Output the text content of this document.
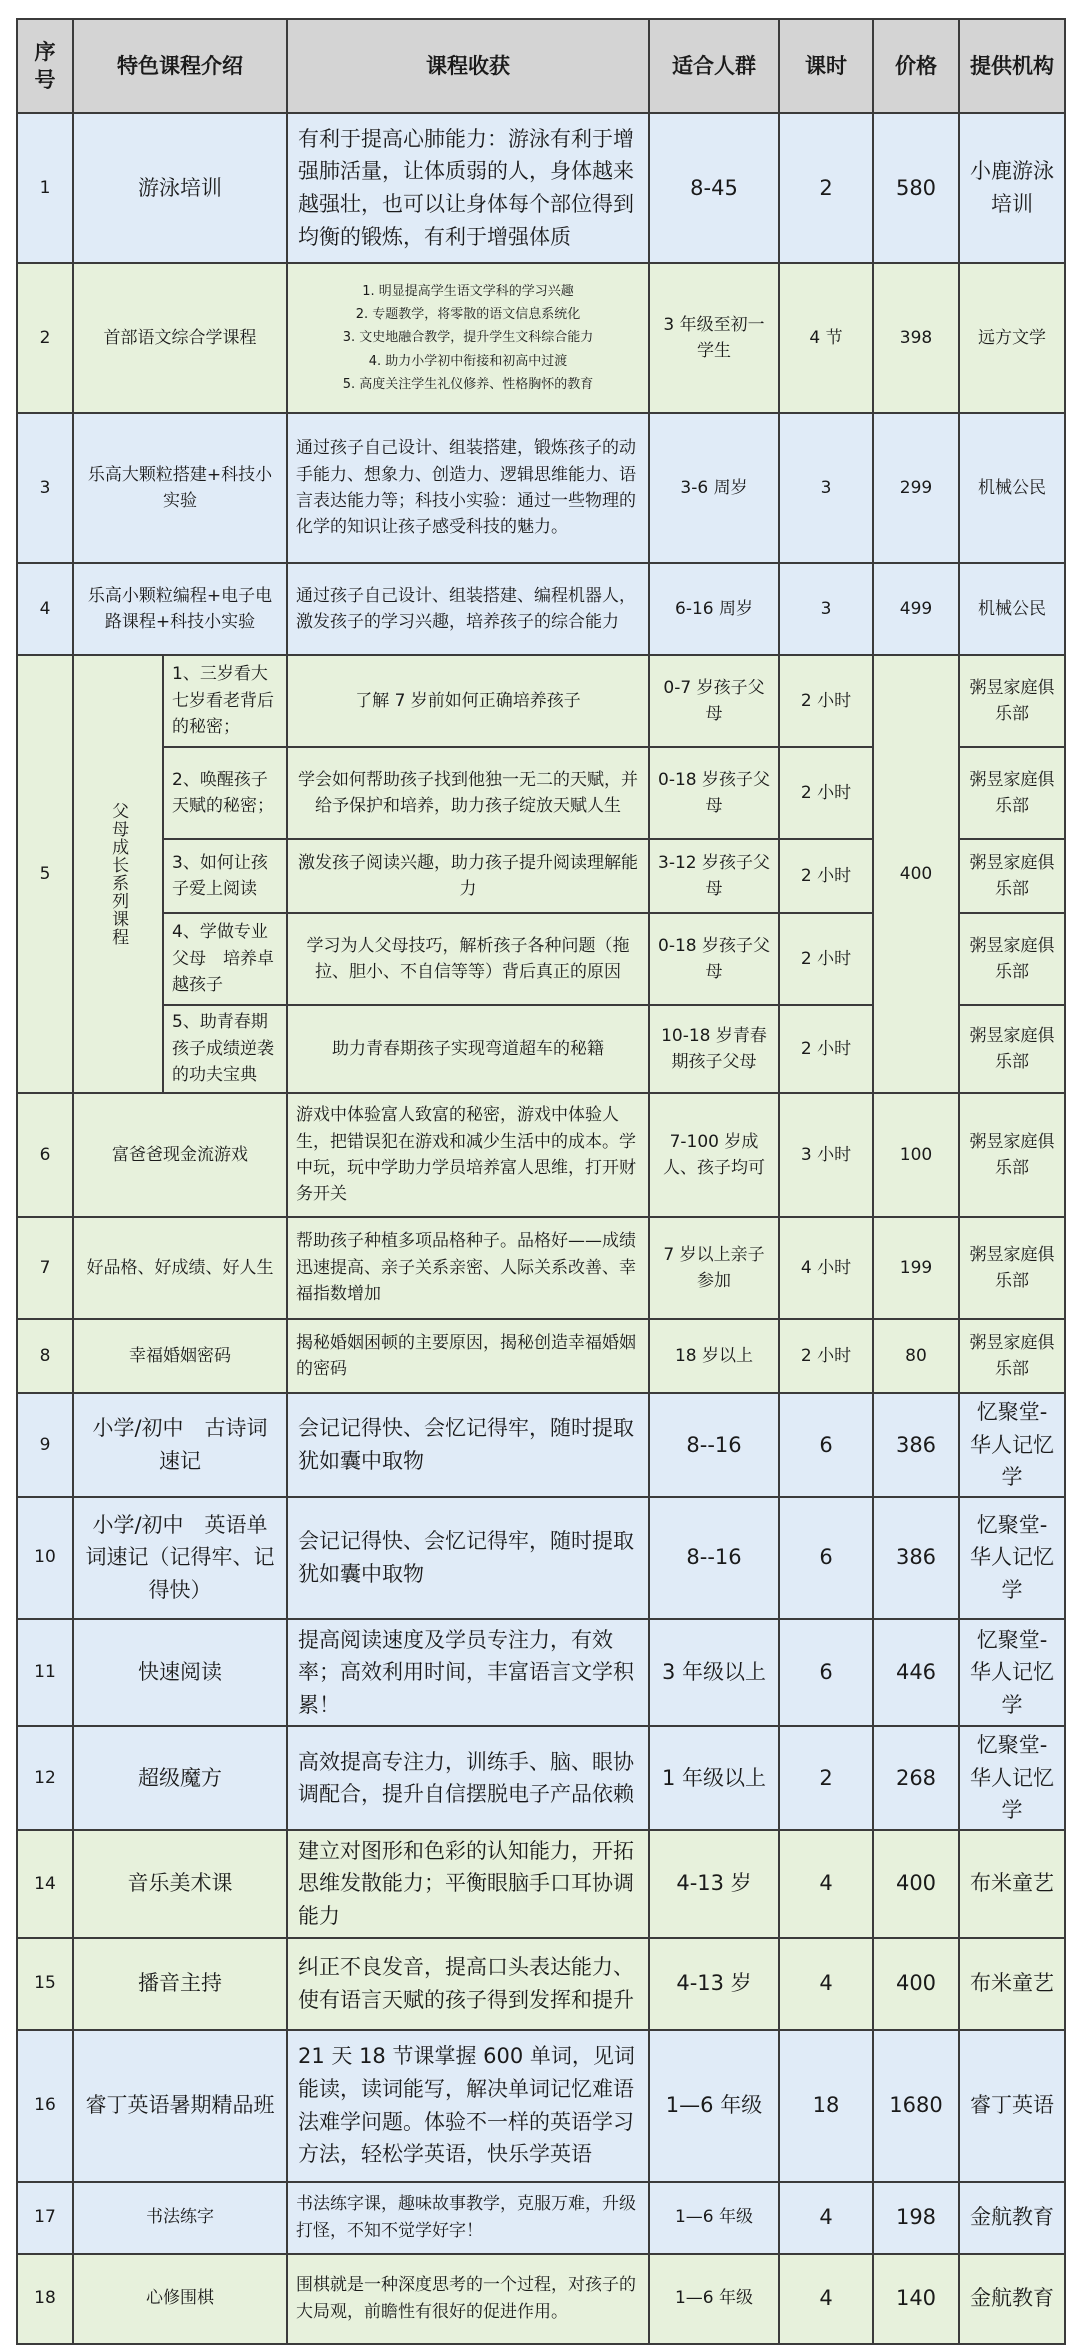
序号	特色课程介绍		课程收获	适合人群	课时	价格	提供机构
1	游泳培训		有利于提高心肺能力：游泳有利于增强肺活量，让体质弱的人，身体越来越强壮，也可以让身体每个部位得到均衡的锻炼，有利于增强体质	8-45	2	580	小鹿游泳培训
2	首部语文综合学课程		1. 明显提高学生语文学科的学习兴趣
2. 专题教学，将零散的语文信息系统化
3. 文史地融合教学，提升学生文科综合能力
4. 助力小学初中衔接和初高中过渡
5. 高度关注学生礼仪修养、性格胸怀的教育	3 年级至初一学生	4 节	398	远方文学
3	乐高大颗粒搭建+科技小实验		通过孩子自己设计、组装搭建，锻炼孩子的动手能力、想象力、创造力、逻辑思维能力、语言表达能力等；科技小实验：通过一些物理的化学的知识让孩子感受科技的魅力。	3-6 周岁	3	299	机械公民
4	乐高小颗粒编程+电子电路课程+科技小实验		通过孩子自己设计、组装搭建、编程机器人，激发孩子的学习兴趣，培养孩子的综合能力	6-16 周岁	3	499	机械公民
5	父母成长系列课程	1、三岁看大七岁看老背后的秘密；	了解 7 岁前如何正确培养孩子	0-7 岁孩子父母	2 小时	400	粥昱家庭俱乐部
		2、唤醒孩子天赋的秘密；	学会如何帮助孩子找到他独一无二的天赋，并给予保护和培养，助力孩子绽放天赋人生	0-18 岁孩子父母	2 小时		粥昱家庭俱乐部
		3、如何让孩子爱上阅读	激发孩子阅读兴趣，助力孩子提升阅读理解能力	3-12 岁孩子父母	2 小时		粥昱家庭俱乐部
		4、学做专业父母　培养卓越孩子	学习为人父母技巧，解析孩子各种问题（拖拉、胆小、不自信等等）背后真正的原因	0-18 岁孩子父母	2 小时		粥昱家庭俱乐部
		5、助青春期孩子成绩逆袭的功夫宝典	助力青春期孩子实现弯道超车的秘籍	10-18 岁青春期孩子父母	2 小时		粥昱家庭俱乐部
6	富爸爸现金流游戏		游戏中体验富人致富的秘密，游戏中体验人生，把错误犯在游戏和减少生活中的成本。学中玩，玩中学助力学员培养富人思维，打开财务开关	7-100 岁成人、孩子均可	3 小时	100	粥昱家庭俱乐部
7	好品格、好成绩、好人生		帮助孩子种植多项品格种子。品格好——成绩迅速提高、亲子关系亲密、人际关系改善、幸福指数增加	7 岁以上亲子参加	4 小时	199	粥昱家庭俱乐部
8	幸福婚姻密码		揭秘婚姻困顿的主要原因，揭秘创造幸福婚姻的密码	18 岁以上	2 小时	80	粥昱家庭俱乐部
9	小学/初中　古诗词速记		会记记得快、会忆记得牢，随时提取犹如囊中取物	8--16	6	386	忆聚堂-华人记忆学
10	小学/初中　英语单词速记（记得牢、记得快）		会记记得快、会忆记得牢，随时提取犹如囊中取物	8--16	6	386	忆聚堂-华人记忆学
11	快速阅读		提高阅读速度及学员专注力，有效率；高效利用时间，丰富语言文学积累！	3 年级以上	6	446	忆聚堂-华人记忆学
12	超级魔方		高效提高专注力，训练手、脑、眼协调配合，提升自信摆脱电子产品依赖	1 年级以上	2	268	忆聚堂-华人记忆学
14	音乐美术课		建立对图形和色彩的认知能力，开拓思维发散能力；平衡眼脑手口耳协调能力	4-13 岁	4	400	布米童艺
15	播音主持		纠正不良发音，提高口头表达能力、使有语言天赋的孩子得到发挥和提升	4-13 岁	4	400	布米童艺
16	睿丁英语暑期精品班		21 天 18 节课掌握 600 单词，见词能读，读词能写，解决单词记忆难语法难学问题。体验不一样的英语学习方法，轻松学英语，快乐学英语	1—6 年级	18	1680	睿丁英语
17	书法练字		书法练字课，趣味故事教学，克服万难，升级打怪，不知不觉学好字！	1—6 年级	4	198	金航教育
18	心修围棋		围棋就是一种深度思考的一个过程，对孩子的大局观，前瞻性有很好的促进作用。	1—6 年级	4	140	金航教育
